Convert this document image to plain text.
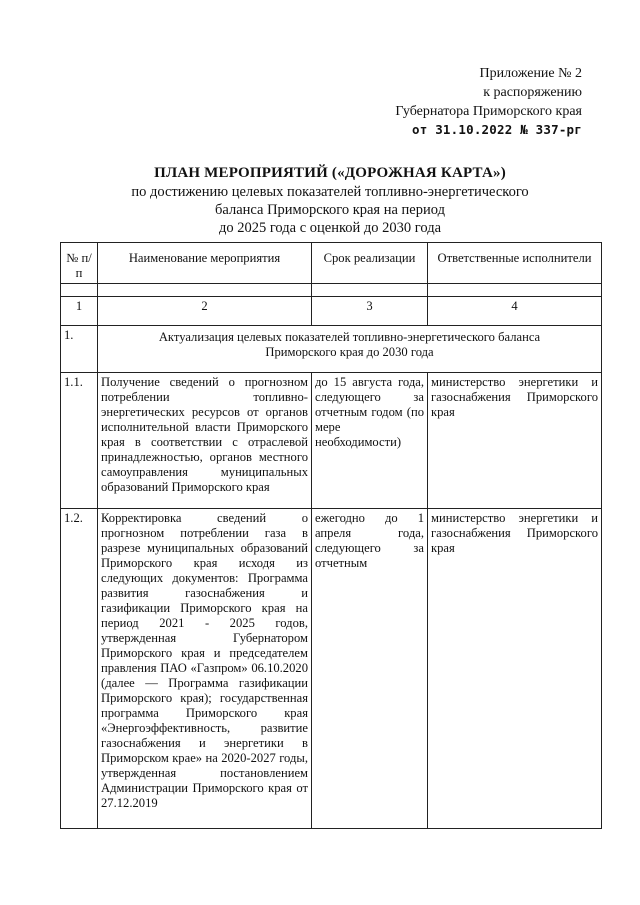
Приложение № 2
к распоряжению
Губернатора Приморского края
от 31.10.2022 № 337-рг
ПЛАН МЕРОПРИЯТИЙ («ДОРОЖНАЯ КАРТА»)
по достижению целевых показателей топливно-энергетического
баланса Приморского края на период
до 2025 года с оценкой до 2030 года
№ п/п	Наименование мероприятия	Срок реализации	Ответственные исполнители

1	2	3	4
1.	Актуализация целевых показателей топливно-энергетического баланса Приморского края до 2030 года		
1.1.	Получение сведений о прогнозном потреблении топливно-энергетических ресурсов от органов исполнительной власти Приморского края в соответствии с отраслевой принадлежностью, органов местного самоуправления муниципальных образований Приморского края	до 15 августа года, следующего за отчетным годом (по мере необходимости)	министерство энергетики и газоснабжения Приморского края
1.2.	Корректировка сведений о прогнозном потреблении газа в разрезе муниципальных образований Приморского края исходя из следующих документов: Программа развития газоснабжения и газификации Приморского края на период 2021 - 2025 годов, утвержденная Губернатором Приморского края и председателем правления ПАО «Газпром» 06.10.2020 (далее — Программа газификации Приморского края); государственная программа Приморского края «Энергоэффективность, развитие газоснабжения и энергетики в Приморском крае» на 2020-2027 годы, утвержденная постановлением Администрации Приморского края от 27.12.2019	ежегодно до 1 апреля года, следующего за отчетным	министерство энергетики и газоснабжения Приморского края
